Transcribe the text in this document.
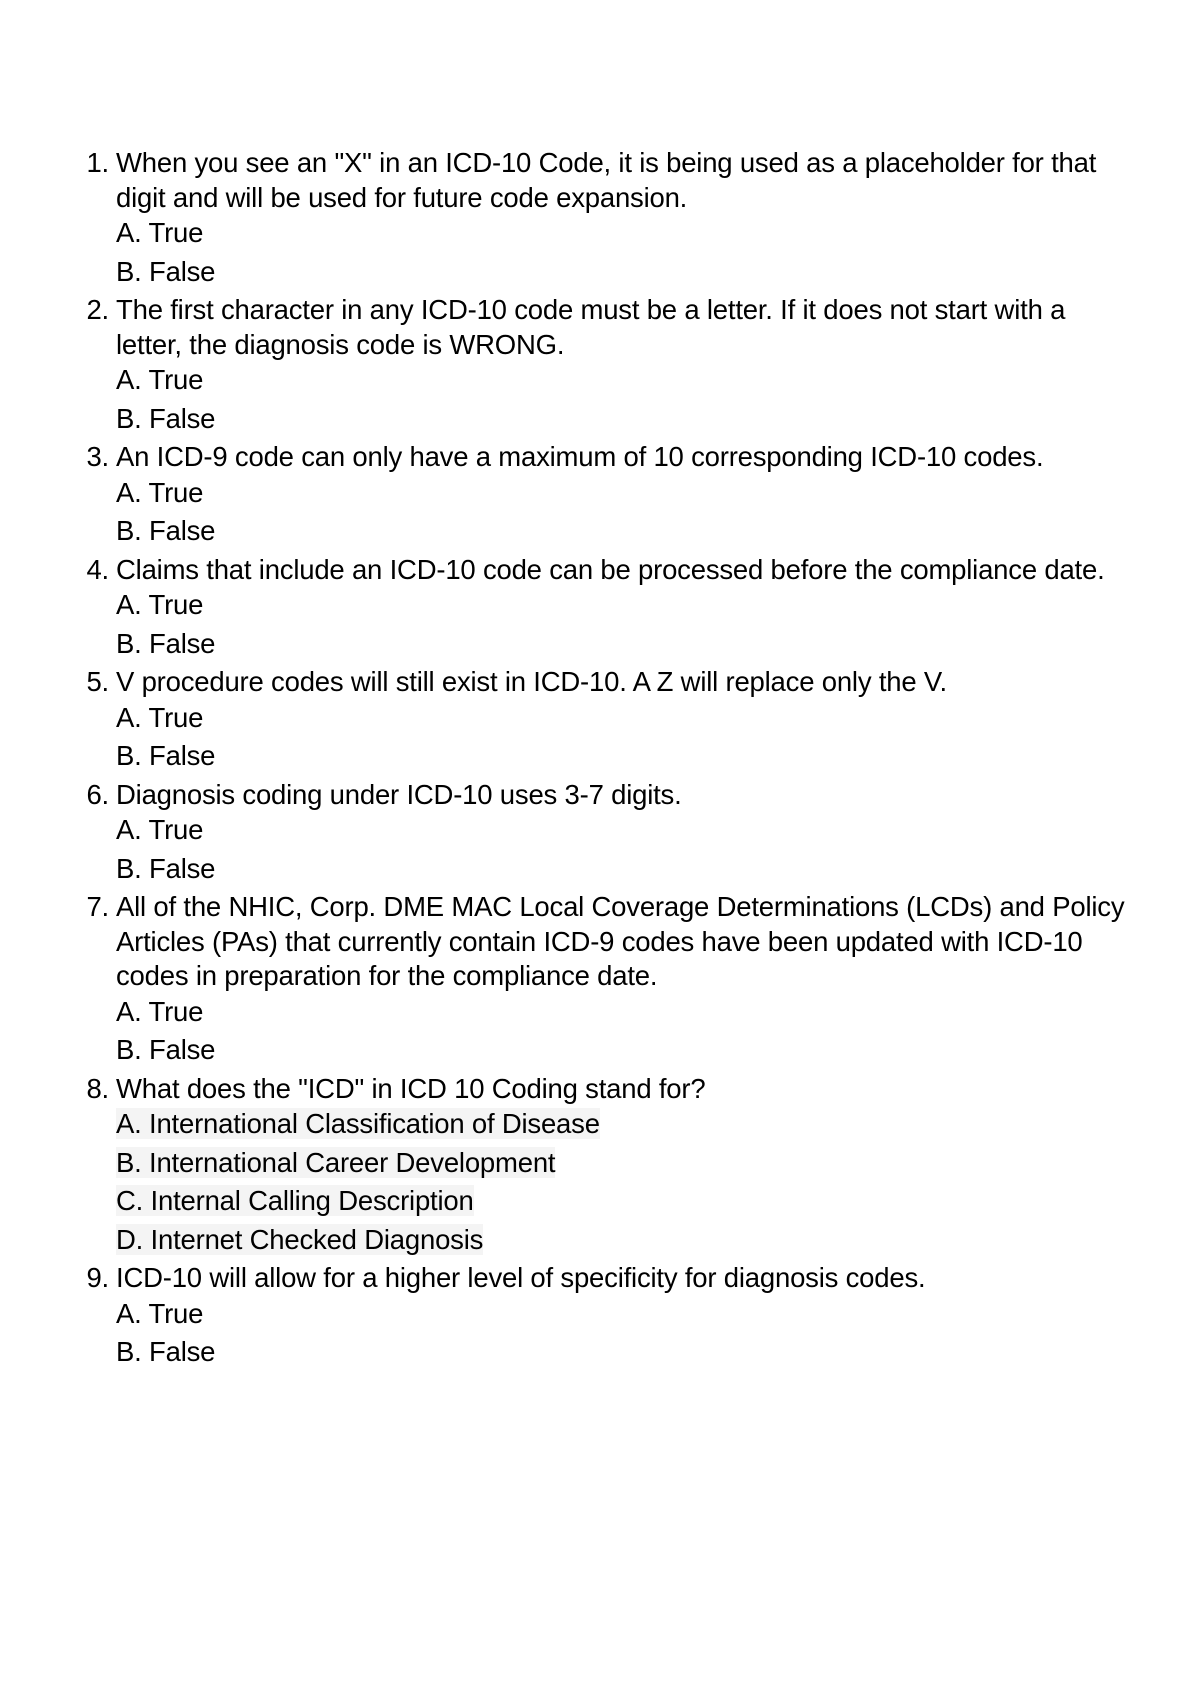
1. When you see an "X" in an ICD-10 Code, it is being used as a placeholder for that digit and will be used for future code expansion.
A. True
B. False
2. The first character in any ICD-10 code must be a letter. If it does not start with a letter, the diagnosis code is WRONG.
A. True
B. False
3. An ICD-9 code can only have a maximum of 10 corresponding ICD-10 codes.
A. True
B. False
4. Claims that include an ICD-10 code can be processed before the compliance date.
A. True
B. False
5. V procedure codes will still exist in ICD-10. A Z will replace only the V.
A. True
B. False
6. Diagnosis coding under ICD-10 uses 3-7 digits.
A. True
B. False
7. All of the NHIC, Corp. DME MAC Local Coverage Determinations (LCDs) and Policy Articles (PAs) that currently contain ICD-9 codes have been updated with ICD-10 codes in preparation for the compliance date.
A. True
B. False
8. What does the "ICD" in ICD 10 Coding stand for?
A. International Classification of Disease
B. International Career Development
C. Internal Calling Description
D. Internet Checked Diagnosis
9. ICD-10 will allow for a higher level of specificity for diagnosis codes.
A. True
B. False
